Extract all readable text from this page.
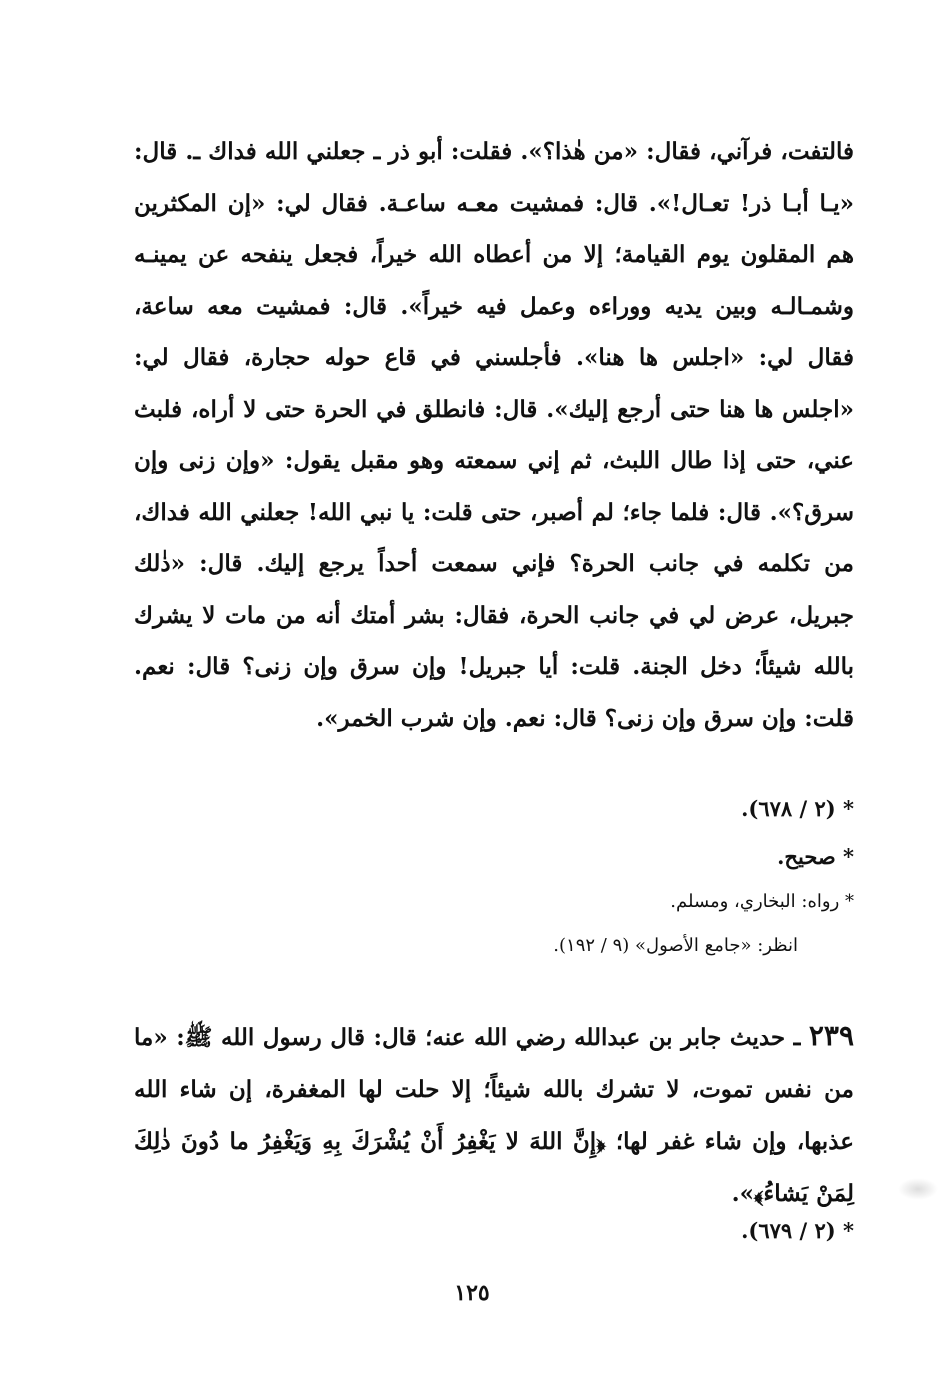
فالتفت، فرآني، فقال: «من هٰذا؟». فقلت: أبو ذر ـ جعلني الله فداك ـ. قال: «يـا أبـا ذر! تعـال!». قال: فمشيت معـه ساعـة. فقال لي: «إن المكثرين هم المقلون يوم القيامة؛ إلا من أعطاه الله خيراً، فجعل ينفحه عن يمينـه وشمـالـه وبين يديه ووراءه وعمل فيه خيراً». قال: فمشيت معه ساعة، فقال لي: «اجلس ها هنا». فأجلسني في قاع حوله حجارة، فقال لي: «اجلس ها هنا حتى أرجع إليك». قال: فانطلق في الحرة حتى لا أراه، فلبث عني، حتى إذا طال اللبث، ثم إني سمعته وهو مقبل يقول: «وإن زنى وإن سرق؟». قال: فلما جاء؛ لم أصبر، حتى قلت: يا نبي الله! جعلني الله فداك، من تكلمه في جانب الحرة؟ فإني سمعت أحداً يرجع إليك. قال: «ذٰلك جبريل، عرض لي في جانب الحرة، فقال: بشر أمتك أنه من مات لا يشرك بالله شيئاً؛ دخل الجنة. قلت: أيا جبريل! وإن سرق وإن زنى؟ قال: نعم. قلت: وإن سرق وإن زنى؟ قال: نعم. وإن شرب الخمر».

* (٢ / ٦٧٨).
* صحيح.
* رواه: البخاري، ومسلم.
انظر: «جامع الأصول» (٩ / ١٩٢).

٢٣٩ ـ حديث جابر بن عبدالله رضي الله عنه؛ قال: قال رسول الله ﷺ: «ما من نفس تموت، لا تشرك بالله شيئاً؛ إلا حلت لها المغفرة، إن شاء الله عذبها، وإن شاء غفر لها؛ ﴿إِنَّ اللهَ لا يَغْفِرُ أَنْ يُشْرَكَ بِهِ وَيَغْفِرُ ما دُونَ ذٰلِكَ لِمَنْ يَشاءُ﴾».

* (٢ / ٦٧٩).
١٢٥
